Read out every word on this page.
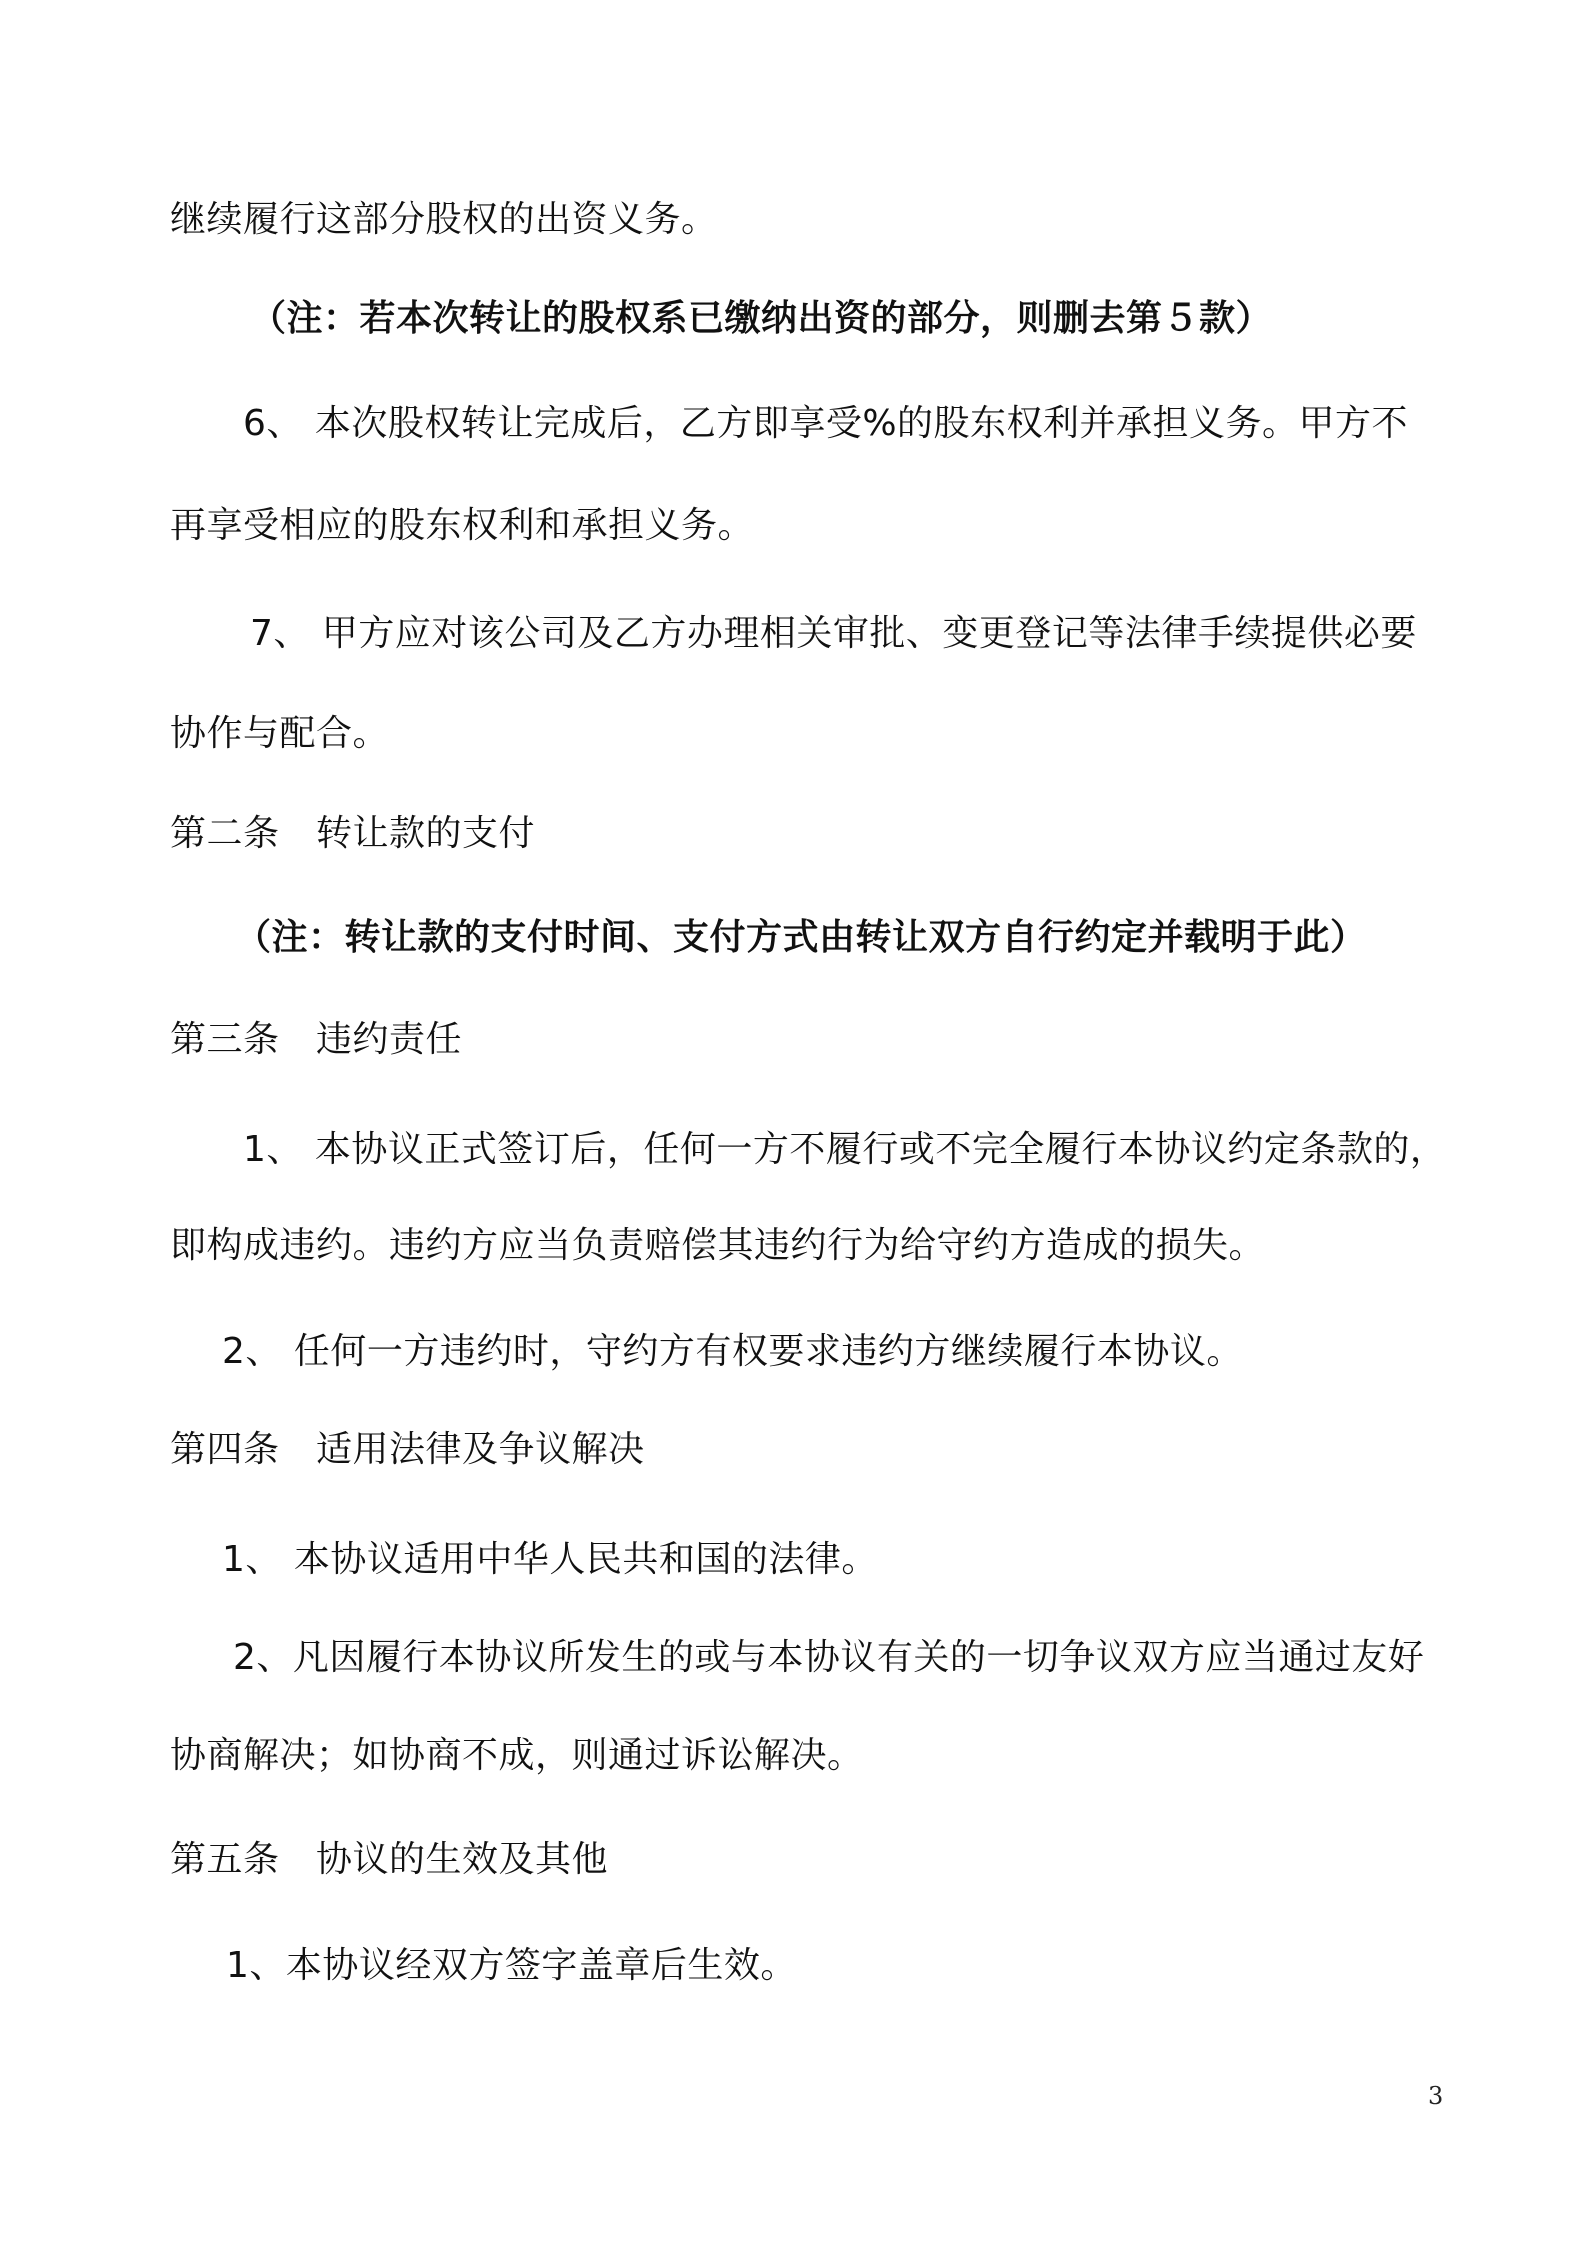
继续履行这部分股权的出资义务。
（注：若本次转让的股权系已缴纳出资的部分，则删去第５款）
6、 本次股权转让完成后，乙方即享受%的股东权利并承担义务。甲方不
再享受相应的股东权利和承担义务。
7、 甲方应对该公司及乙方办理相关审批、变更登记等法律手续提供必要
协作与配合。
第二条　转让款的支付
（注：转让款的支付时间、支付方式由转让双方自行约定并载明于此）
第三条　违约责任
1、 本协议正式签订后，任何一方不履行或不完全履行本协议约定条款的，
即构成违约。违约方应当负责赔偿其违约行为给守约方造成的损失。
2、 任何一方违约时，守约方有权要求违约方继续履行本协议。
第四条　适用法律及争议解决
1、 本协议适用中华人民共和国的法律。
2、凡因履行本协议所发生的或与本协议有关的一切争议双方应当通过友好
协商解决；如协商不成，则通过诉讼解决。
第五条　协议的生效及其他
1、本协议经双方签字盖章后生效。
3
